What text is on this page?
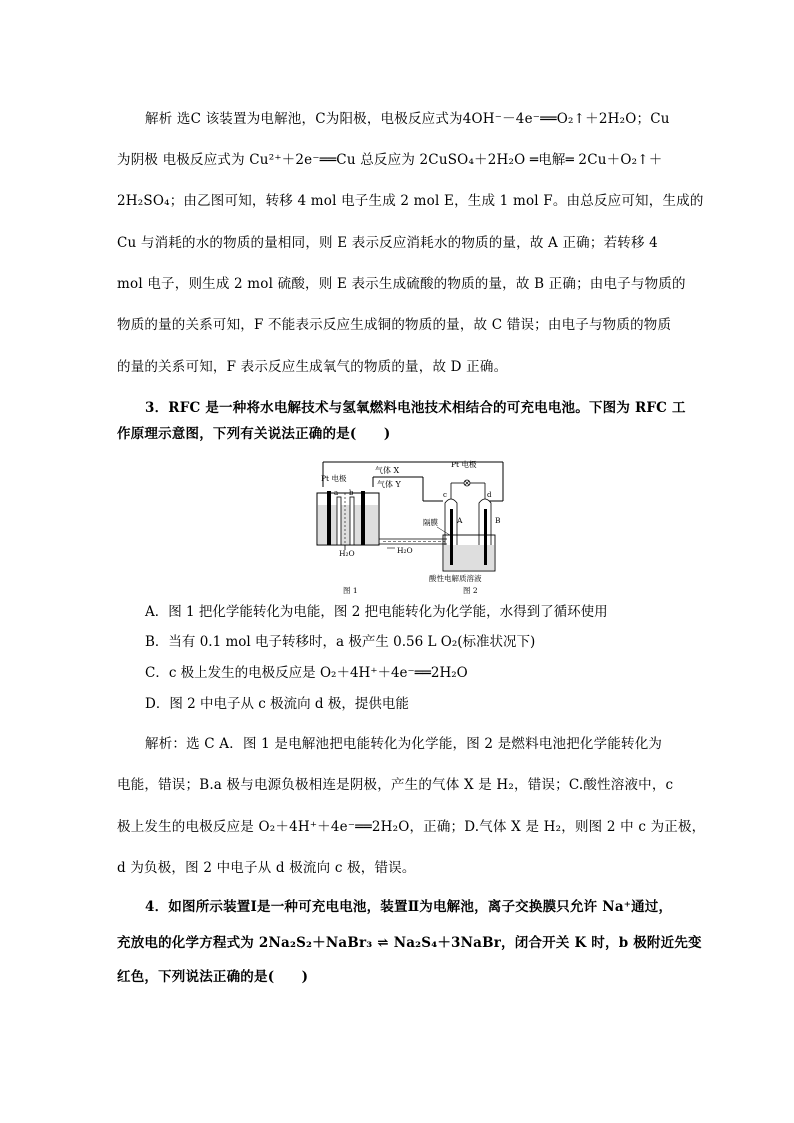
解析 选C 该装置为电解池，C为阳极，电极反应式为4OH⁻－4e⁻══O₂↑＋2H₂O；Cu
为阴极 电极反应式为 Cu²⁺＋2e⁻══Cu 总反应为 2CuSO₄＋2H₂O ═电解═ 2Cu＋O₂↑＋
2H₂SO₄；由乙图可知，转移 4 mol 电子生成 2 mol E，生成 1 mol F。由总反应可知，生成的
Cu 与消耗的水的物质的量相同，则 E 表示反应消耗水的物质的量，故 A 正确；若转移 4
mol 电子，则生成 2 mol 硫酸，则 E 表示生成硫酸的物质的量，故 B 正确；由电子与物质的
物质的量的关系可知，F 不能表示反应生成铜的物质的量，故 C 错误；由电子与物质的物质
的量的关系可知，F 表示反应生成氧气的物质的量，故 D 正确。
3．RFC 是一种将水电解技术与氢氧燃料电池技术相结合的可充电电池。下图为 RFC 工
作原理示意图，下列有关说法正确的是(　　)
气体 X
气体 Y
Pt 电极
a b
H₂O	H₂O
隔膜
Pt 电极
c	d
A	B
酸性电解质溶液
图 1	图 2
A．图 1 把化学能转化为电能，图 2 把电能转化为化学能，水得到了循环使用
B．当有 0.1 mol 电子转移时，a 极产生 0.56 L O₂(标准状况下)
C．c 极上发生的电极反应是 O₂＋4H⁺＋4e⁻══2H₂O
D．图 2 中电子从 c 极流向 d 极，提供电能
解析：选 C A．图 1 是电解池把电能转化为化学能，图 2 是燃料电池把化学能转化为
电能，错误；B.a 极与电源负极相连是阴极，产生的气体 X 是 H₂，错误；C.酸性溶液中，c
极上发生的电极反应是 O₂＋4H⁺＋4e⁻══2H₂O，正确；D.气体 X 是 H₂，则图 2 中 c 为正极，
d 为负极，图 2 中电子从 d 极流向 c 极，错误。
4．如图所示装置Ⅰ是一种可充电电池，装置Ⅱ为电解池，离子交换膜只允许 Na⁺通过，
充放电的化学方程式为 2Na₂S₂＋NaBr₃ ⇌ Na₂S₄＋3NaBr，闭合开关 K 时，b 极附近先变
红色，下列说法正确的是(　　)
